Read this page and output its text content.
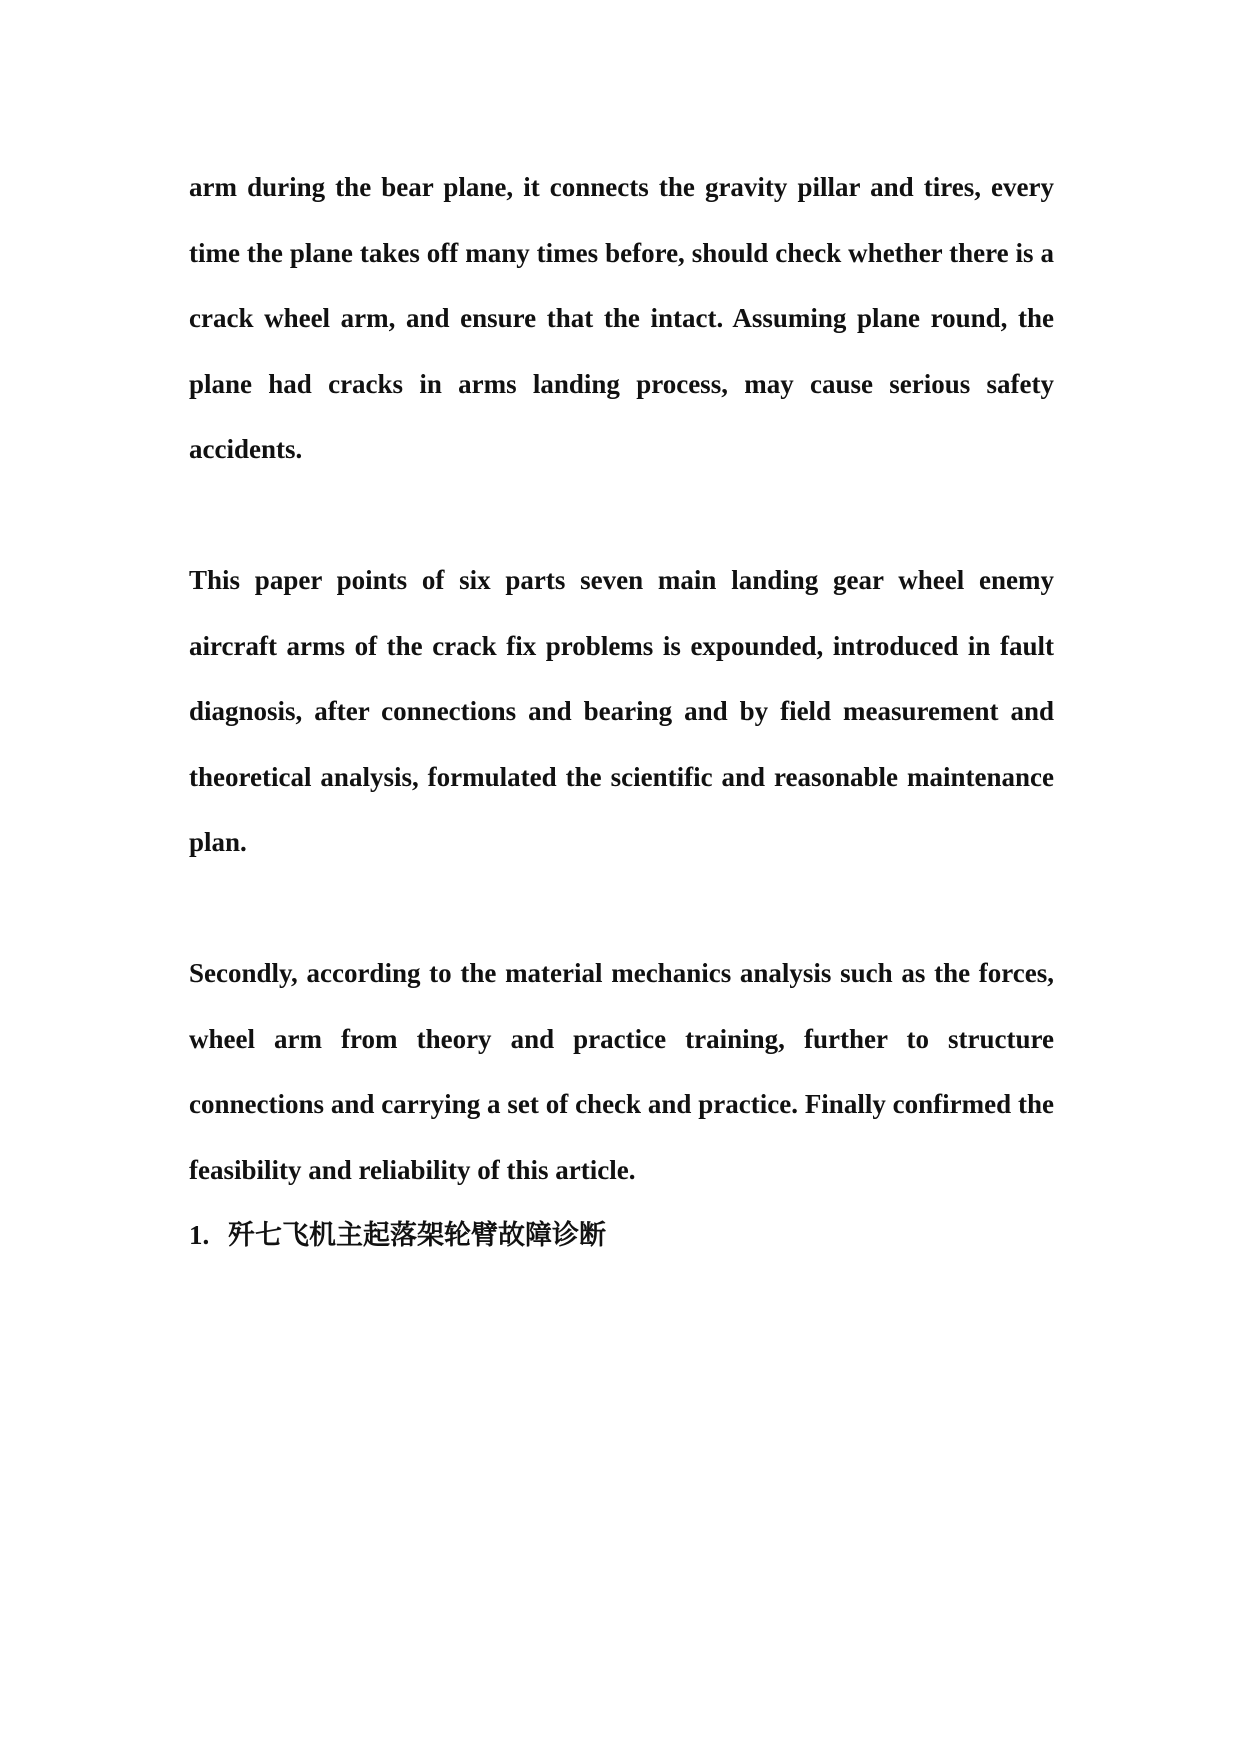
arm during the bear plane, it connects the gravity pillar and tires, every time the plane takes off many times before, should check whether there is a crack wheel arm, and ensure that the intact. Assuming plane round, the plane had cracks in arms landing process, may cause serious safety accidents.

This paper points of six parts seven main landing gear wheel enemy aircraft arms of the crack fix problems is expounded, introduced in fault diagnosis, after connections and bearing and by field measurement and theoretical analysis, formulated the scientific and reasonable maintenance plan.

Secondly, according to the material mechanics analysis such as the forces, wheel arm from theory and practice training, further to structure connections and carrying a set of check and practice. Finally confirmed the feasibility and reliability of this article.

1. 歼七飞机主起落架轮臂故障诊断
